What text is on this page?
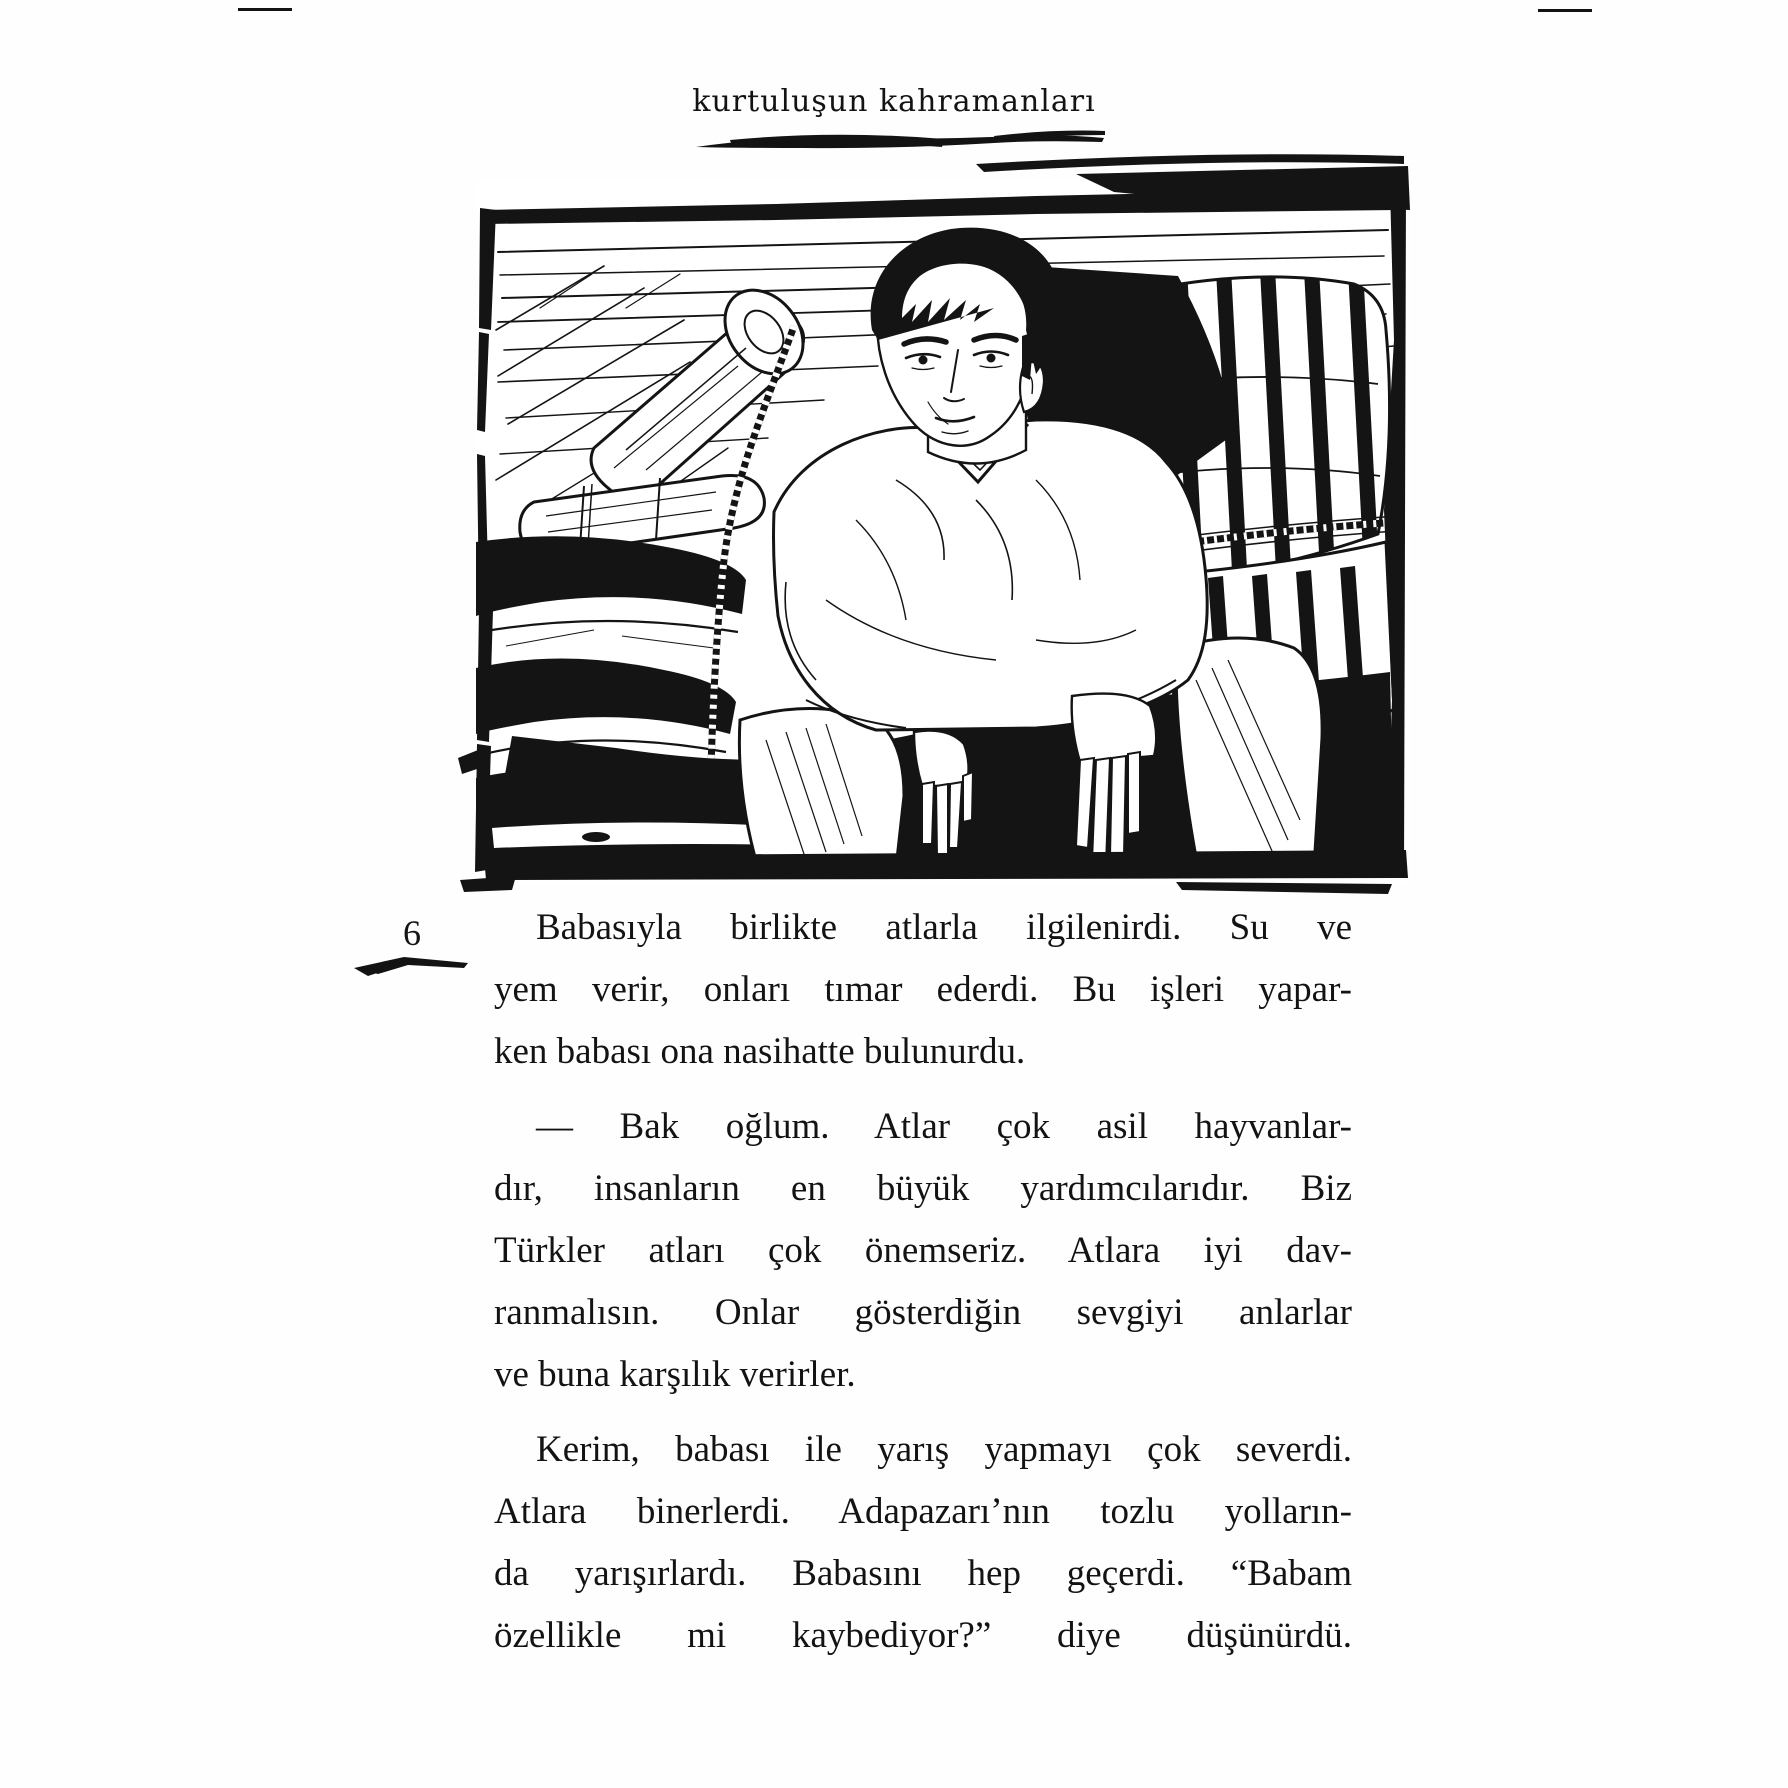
kurtuluşun kahramanları
6	Babasıyla birlikte atlarla ilgilenirdi. Su ve
yem verir, onları tımar ederdi. Bu işleri yapar-
ken babası ona nasihatte bulunurdu.
— Bak oğlum. Atlar çok asil hayvanlar-
dır, insanların en büyük yardımcılarıdır. Biz
Türkler atları çok önemseriz. Atlara iyi dav-
ranmalısın. Onlar gösterdiğin sevgiyi anlarlar
ve buna karşılık verirler.
Kerim, babası ile yarış yapmayı çok severdi.
Atlara binerlerdi. Adapazarı’nın tozlu yolların-
da yarışırlardı. Babasını hep geçerdi. “Babam
özellikle mi kaybediyor?” diye düşünürdü.
